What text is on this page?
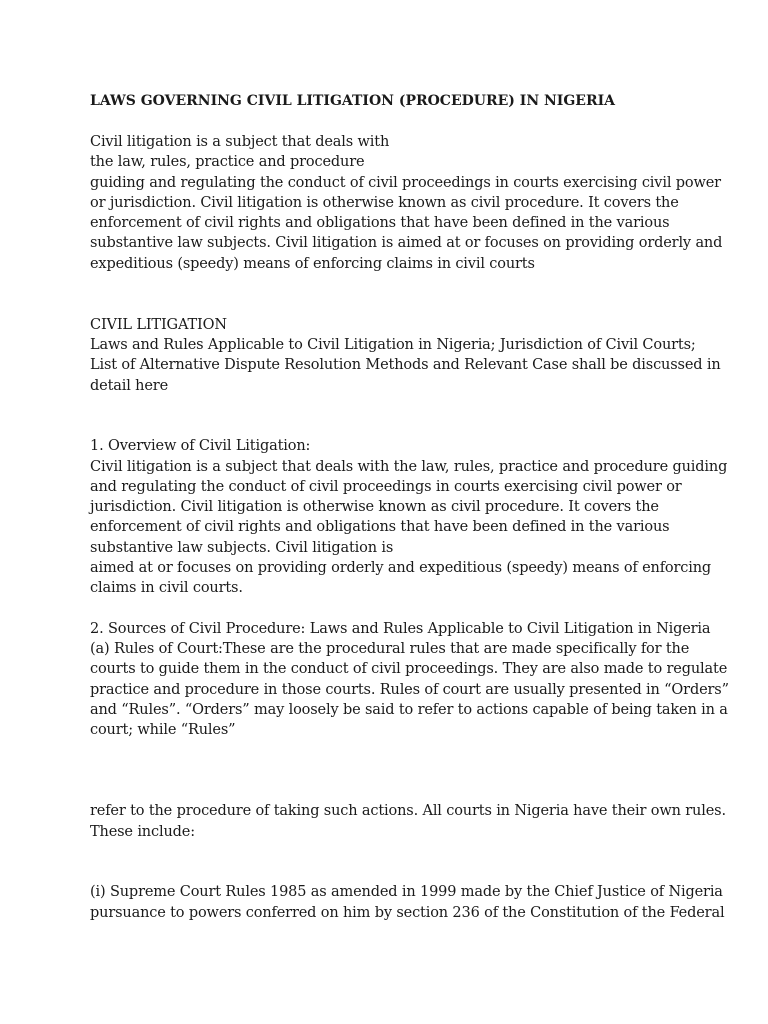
LAWS GOVERNING CIVIL LITIGATION (PROCEDURE) IN NIGERIA
Civil litigation is a subject that deals with
the law, rules, practice and procedure
guiding and regulating the conduct of civil proceedings in courts exercising civil power
or jurisdiction. Civil litigation is otherwise known as civil procedure. It covers the
enforcement of civil rights and obligations that have been defined in the various
substantive law subjects. Civil litigation is aimed at or focuses on providing orderly and
expeditious (speedy) means of enforcing claims in civil courts
CIVIL LITIGATION
Laws and Rules Applicable to Civil Litigation in Nigeria; Jurisdiction of Civil Courts;
List of Alternative Dispute Resolution Methods and Relevant Case shall be discussed in
detail here
1. Overview of Civil Litigation:
Civil litigation is a subject that deals with the law, rules, practice and procedure guiding
and regulating the conduct of civil proceedings in courts exercising civil power or
jurisdiction. Civil litigation is otherwise known as civil procedure. It covers the
enforcement of civil rights and obligations that have been defined in the various
substantive law subjects. Civil litigation is
aimed at or focuses on providing orderly and expeditious (speedy) means of enforcing
claims in civil courts.
2. Sources of Civil Procedure: Laws and Rules Applicable to Civil Litigation in Nigeria
(a) Rules of Court:These are the procedural rules that are made specifically for the
courts to guide them in the conduct of civil proceedings. They are also made to regulate
practice and procedure in those courts. Rules of court are usually presented in “Orders”
and “Rules”. “Orders” may loosely be said to refer to actions capable of being taken in a
court; while “Rules”
refer to the procedure of taking such actions. All courts in Nigeria have their own rules.
These include:
(i) Supreme Court Rules 1985 as amended in 1999 made by the Chief Justice of Nigeria
pursuance to powers conferred on him by section 236 of the Constitution of the Federal
